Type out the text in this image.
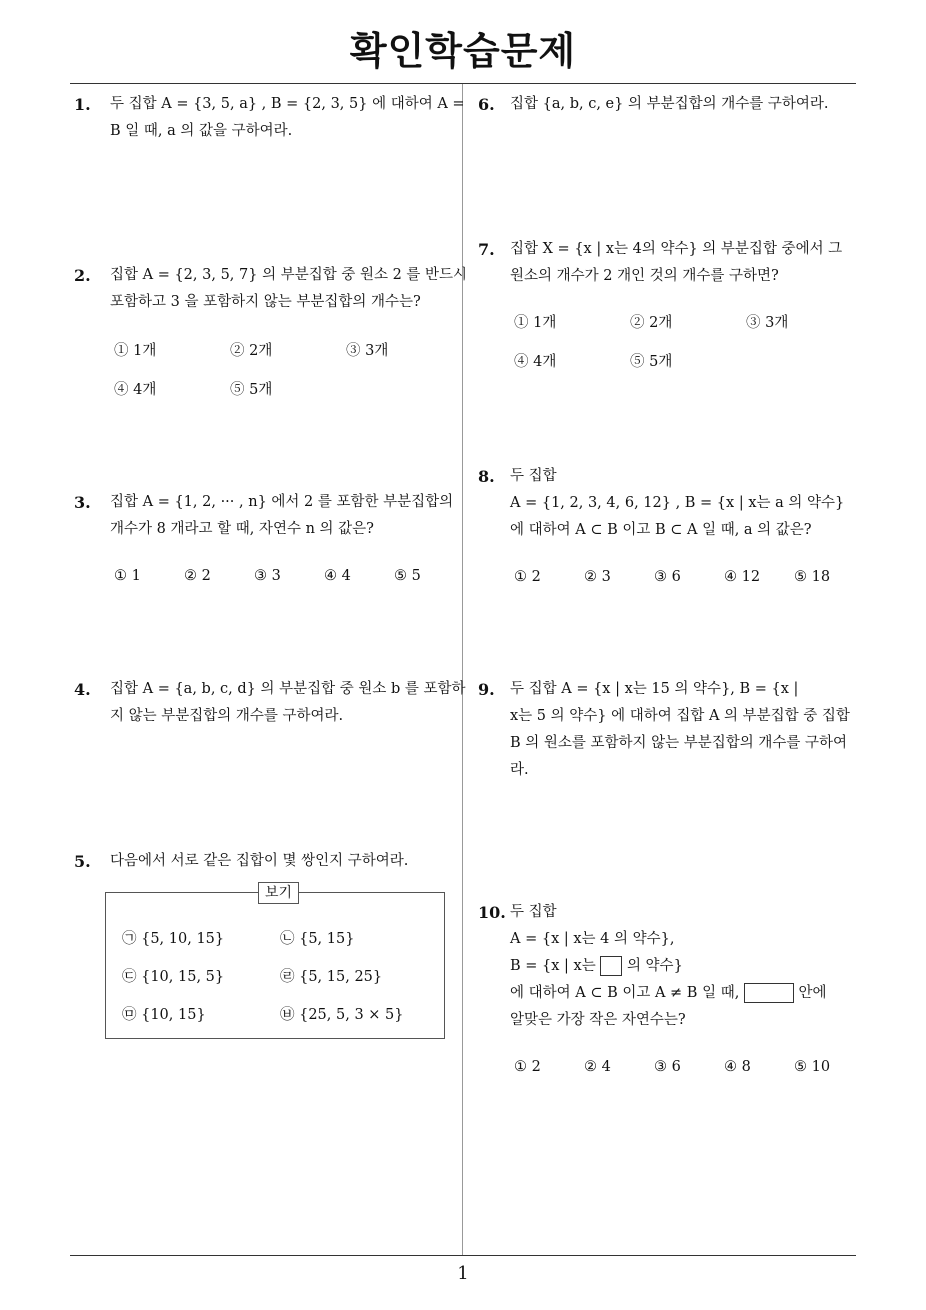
확인학습문제
1
1. 두 집합 A = {3, 5, a} , B = {2, 3, 5} 에 대하여 A =
B 일 때, a 의 값을 구하여라.
2. 집합 A = {2, 3, 5, 7} 의 부분집합 중 원소 2 를 반드시
포함하고 3 을 포함하지 않는 부분집합의 개수는?
① 1개	② 2개	③ 3개
④ 4개	⑤ 5개
3. 집합 A = {1, 2, ··· , n} 에서 2 를 포함한 부분집합의
개수가 8 개라고 할 때, 자연수 n 의 값은?
① 1	② 2	③ 3	④ 4	⑤ 5
4. 집합 A = {a, b, c, d} 의 부분집합 중 원소 b 를 포함하
지 않는 부분집합의 개수를 구하여라.
5. 다음에서 서로 같은 집합이 몇 쌍인지 구하여라.
보기
㉠ {5, 10, 15}	㉡ {5, 15}
㉢ {10, 15, 5}	㉣ {5, 15, 25}
㉤ {10, 15}	㉥ {25, 5, 3 × 5}
6. 집합 {a, b, c, e} 의 부분집합의 개수를 구하여라.
7. 집합 X = {x | x는 4의 약수} 의 부분집합 중에서 그
원소의 개수가 2 개인 것의 개수를 구하면?
① 1개	② 2개	③ 3개
④ 4개	⑤ 5개
8. 두 집합
A = {1, 2, 3, 4, 6, 12} , B = {x | x는 a 의 약수}
에 대하여 A ⊂ B 이고 B ⊂ A 일 때, a 의 값은?
① 2	② 3	③ 6	④ 12 ⑤ 18
9. 두 집합 A = {x | x는 15 의 약수}, B = {x |
x는 5 의 약수} 에 대하여 집합 A 의 부분집합 중 집합
B 의 원소를 포함하지 않는 부분집합의 개수를 구하여
라.
10. 두 집합
A = {x | x는 4 의 약수},
B = {x | x는 의 약수}
에 대하여 A ⊂ B 이고 A ≠ B 일 때,	안에
알맞은 가장 작은 자연수는?
① 2	② 4	③ 6	④ 8	⑤ 10
